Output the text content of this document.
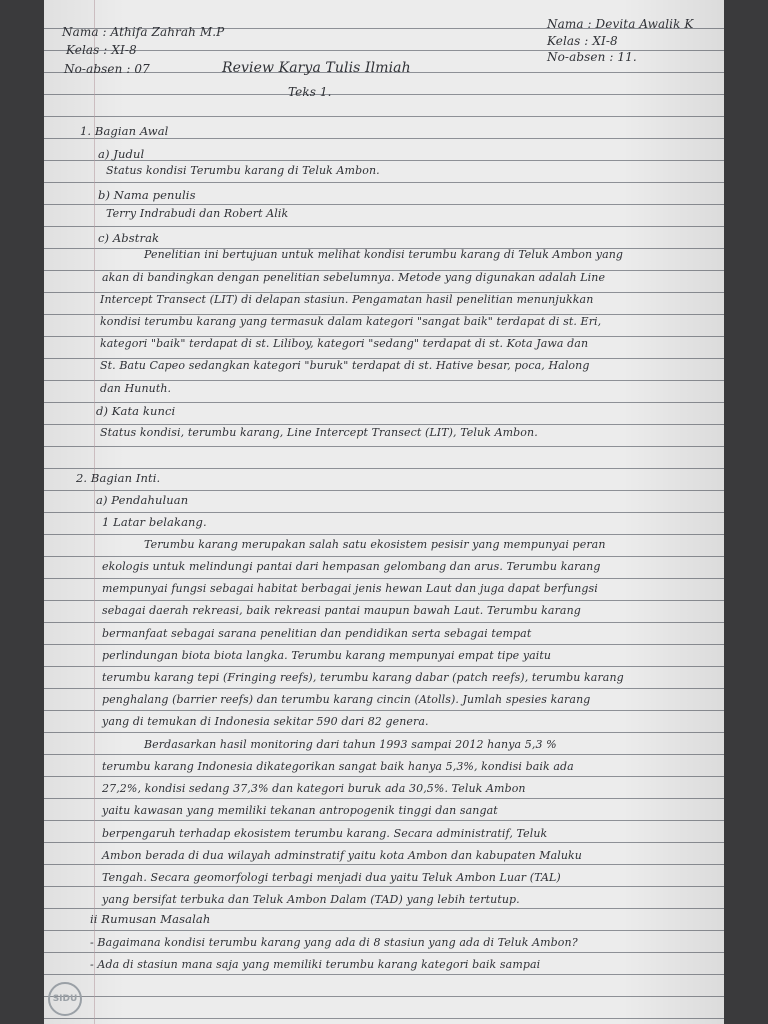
Nama : Athifa Zahrah M.P
Kelas : XI-8
No-absen : 07
Nama : Devita Awalik K
Kelas : XI-8
No-absen : 11.
Review Karya Tulis Ilmiah
Teks 1.
1. Bagian Awal
a) Judul
Status kondisi Terumbu karang di Teluk Ambon.
b) Nama penulis
Terry Indrabudi dan Robert Alik
c) Abstrak
Penelitian ini bertujuan untuk melihat kondisi terumbu karang di Teluk Ambon yang
akan di bandingkan dengan penelitian sebelumnya. Metode yang digunakan adalah Line
Intercept Transect (LIT) di delapan stasiun. Pengamatan hasil penelitian menunjukkan
kondisi terumbu karang yang termasuk dalam kategori "sangat baik" terdapat di st. Eri,
kategori "baik" terdapat di st. Liliboy, kategori "sedang" terdapat di st. Kota Jawa dan
St. Batu Capeo sedangkan kategori "buruk" terdapat di st. Hative besar, poca, Halong
dan Hunuth.
d) Kata kunci
Status kondisi, terumbu karang, Line Intercept Transect (LIT), Teluk Ambon.
2. Bagian Inti.
a) Pendahuluan
1 Latar belakang.
Terumbu karang merupakan salah satu ekosistem pesisir yang mempunyai peran
ekologis untuk melindungi pantai dari hempasan gelombang dan arus. Terumbu karang
mempunyai fungsi sebagai habitat berbagai jenis hewan Laut dan juga dapat berfungsi
sebagai daerah rekreasi, baik rekreasi pantai maupun bawah Laut. Terumbu karang
bermanfaat sebagai sarana penelitian dan pendidikan serta sebagai tempat
perlindungan biota biota langka. Terumbu karang mempunyai empat tipe yaitu
terumbu karang tepi (Fringing reefs), terumbu karang dabar (patch reefs), terumbu karang
penghalang (barrier reefs) dan terumbu karang cincin (Atolls). Jumlah spesies karang
yang di temukan di Indonesia sekitar 590 dari 82 genera.
Berdasarkan hasil monitoring dari tahun 1993 sampai 2012 hanya 5,3 %
terumbu karang Indonesia dikategorikan sangat baik hanya 5,3%, kondisi baik ada
27,2%, kondisi sedang 37,3% dan kategori buruk ada 30,5%. Teluk Ambon
yaitu kawasan yang memiliki tekanan antropogenik tinggi dan sangat
berpengaruh terhadap ekosistem terumbu karang. Secara administratif, Teluk
Ambon berada di dua wilayah adminstratif yaitu kota Ambon dan kabupaten Maluku
Tengah. Secara geomorfologi terbagi menjadi dua yaitu Teluk Ambon Luar (TAL)
yang bersifat terbuka dan Teluk Ambon Dalam (TAD) yang lebih tertutup.
ii Rumusan Masalah
- Bagaimana kondisi terumbu karang yang ada di 8 stasiun yang ada di Teluk Ambon?
- Ada di stasiun mana saja yang memiliki terumbu karang kategori baik sampai
SIDU
